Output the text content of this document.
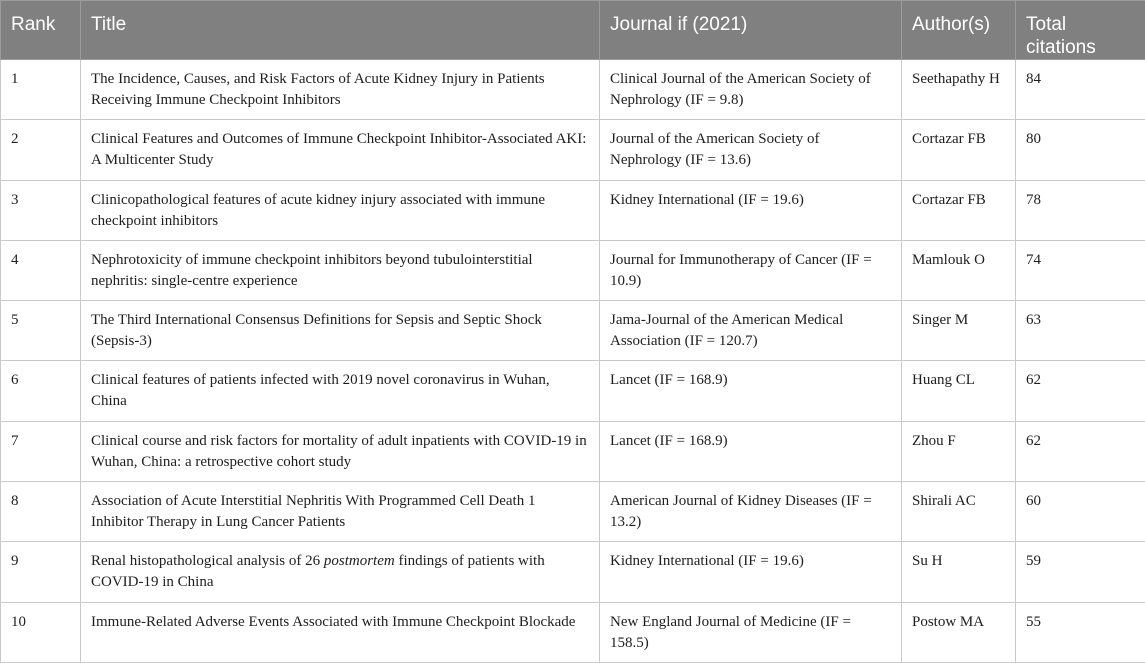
Rank	Title	Journal if (2021)	Author(s)	Total citations
1	The Incidence, Causes, and Risk Factors of Acute Kidney Injury in Patients Receiving Immune Checkpoint Inhibitors	Clinical Journal of the American Society of Nephrology (IF = 9.8)	Seethapathy H	84
2	Clinical Features and Outcomes of Immune Checkpoint Inhibitor-Associated AKI: A Multicenter Study	Journal of the American Society of Nephrology (IF = 13.6)	Cortazar FB	80
3	Clinicopathological features of acute kidney injury associated with immune checkpoint inhibitors	Kidney International (IF = 19.6)	Cortazar FB	78
4	Nephrotoxicity of immune checkpoint inhibitors beyond tubulointerstitial nephritis: single-centre experience	Journal for Immunotherapy of Cancer (IF = 10.9)	Mamlouk O	74
5	The Third International Consensus Definitions for Sepsis and Septic Shock (Sepsis-3)	Jama-Journal of the American Medical Association (IF = 120.7)	Singer M	63
6	Clinical features of patients infected with 2019 novel coronavirus in Wuhan, China	Lancet (IF = 168.9)	Huang CL	62
7	Clinical course and risk factors for mortality of adult inpatients with COVID-19 in Wuhan, China: a retrospective cohort study	Lancet (IF = 168.9)	Zhou F	62
8	Association of Acute Interstitial Nephritis With Programmed Cell Death 1 Inhibitor Therapy in Lung Cancer Patients	American Journal of Kidney Diseases (IF = 13.2)	Shirali AC	60
9	Renal histopathological analysis of 26 postmortem findings of patients with COVID-19 in China	Kidney International (IF = 19.6)	Su H	59
10	Immune-Related Adverse Events Associated with Immune Checkpoint Blockade	New England Journal of Medicine (IF = 158.5)	Postow MA	55
